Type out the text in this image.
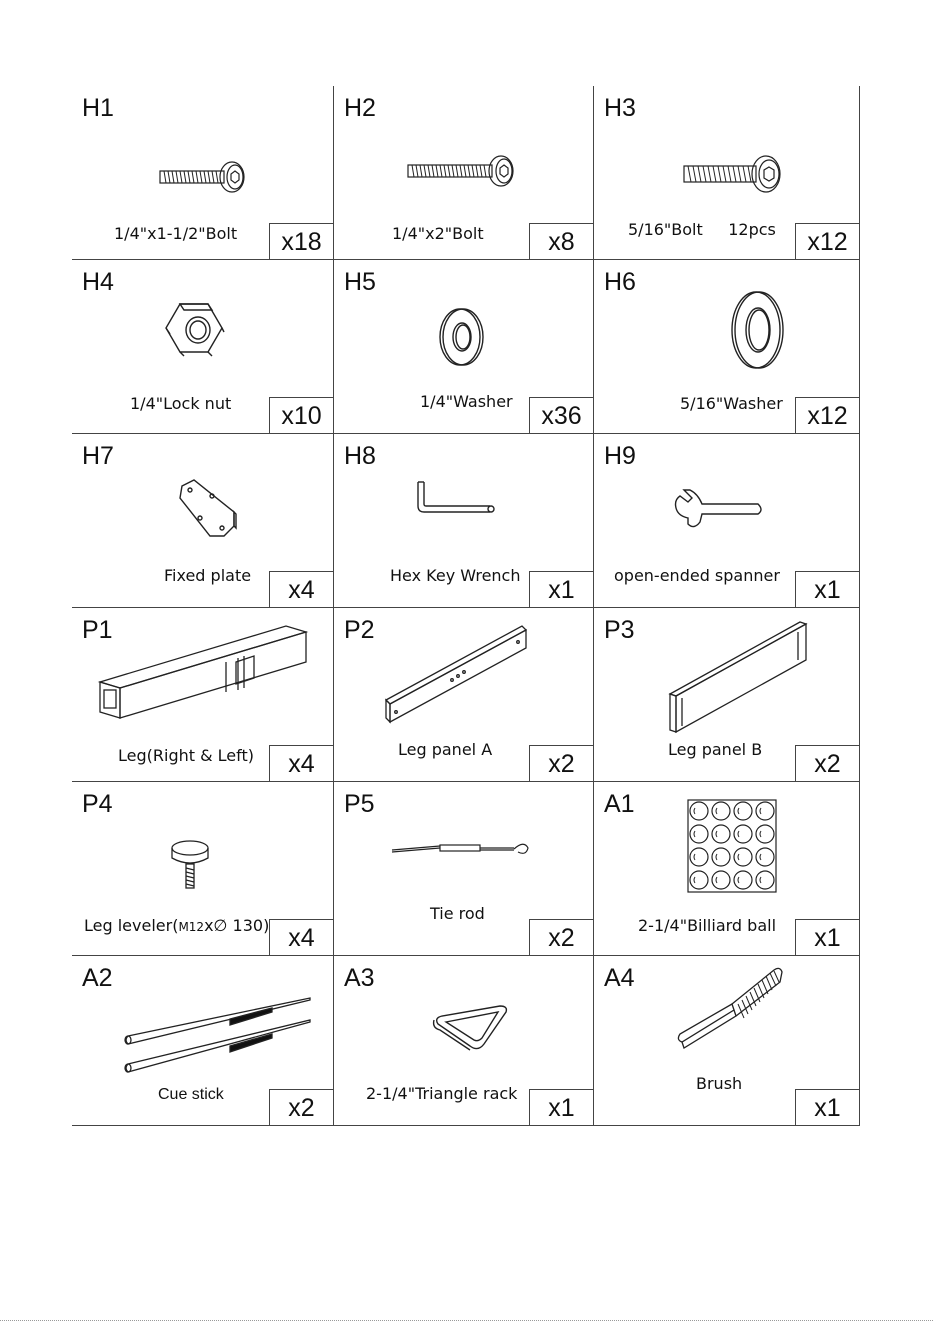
H1
1/4"x1-1/2"Bolt	x18
H2
1/4"x2"Bolt	x8
H3
5/16"Bolt     12pcs	x12
H4
1/4"Lock nut	x10
H5
1/4"Washer
x36
H6
5/16"Washer x12
H7
Fixed plate
x4
H8
Hex Key Wrench
x1
H9
open-ended spanner
x1
P1
Leg(Right & Left)	x4
P2
Leg panel A
x2
P3
Leg panel B
x2
P4
Leg leveler(M12x∅ 130) x4
P5
Tie rod
x2
A1
2-1/4"Billiard ball	x1
A2
Cue stick	x2
A3
2-1/4"Triangle rack
x1
A4
Brush
x1
